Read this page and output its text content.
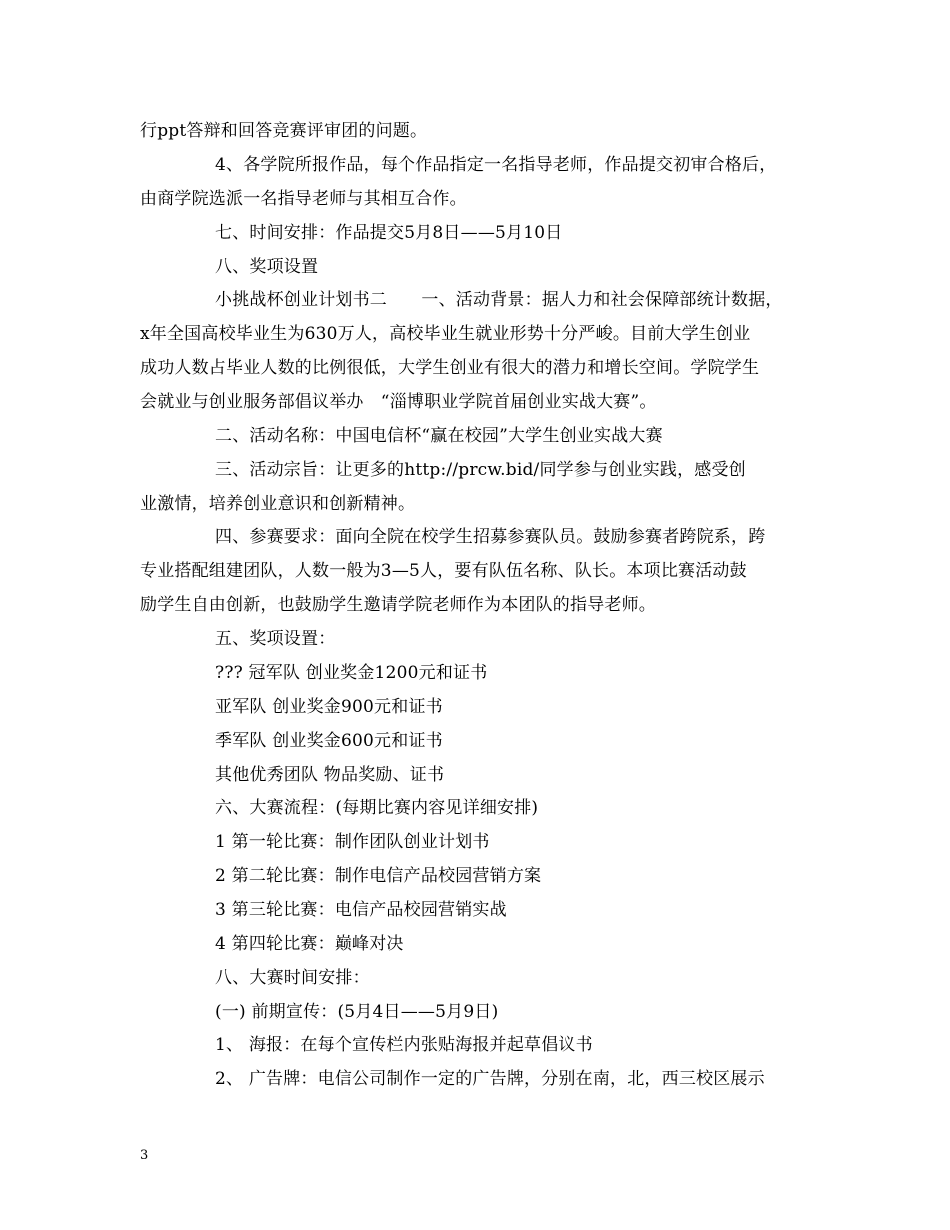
行ppt答辩和回答竞赛评审团的问题。
4、各学院所报作品，每个作品指定一名指导老师，作品提交初审合格后，
由商学院选派一名指导老师与其相互合作。
七、时间安排：作品提交5月8日——5月10日
八、奖项设置
小挑战杯创业计划书二　　一、活动背景：据人力和社会保障部统计数据，
x年全国高校毕业生为630万人，高校毕业生就业形势十分严峻。目前大学生创业
成功人数占毕业人数的比例很低，大学生创业有很大的潜力和增长空间。学院学生
会就业与创业服务部倡议举办　“淄博职业学院首届创业实战大赛”。
二、活动名称：中国电信杯“赢在校园”大学生创业实战大赛
三、活动宗旨：让更多的http://prcw.bid/同学参与创业实践，感受创
业激情，培养创业意识和创新精神。
四、参赛要求：面向全院在校学生招募参赛队员。鼓励参赛者跨院系，跨
专业搭配组建团队，人数一般为3—5人，要有队伍名称、队长。本项比赛活动鼓
励学生自由创新，也鼓励学生邀请学院老师作为本团队的指导老师。
五、奖项设置：
??? 冠军队 创业奖金1200元和证书
亚军队 创业奖金900元和证书
季军队 创业奖金600元和证书
其他优秀团队 物品奖励、证书
六、大赛流程：(每期比赛内容见详细安排)
1 第一轮比赛：制作团队创业计划书
2 第二轮比赛：制作电信产品校园营销方案
3 第三轮比赛：电信产品校园营销实战
4 第四轮比赛：巅峰对决
八、大赛时间安排：
(一) 前期宣传：(5月4日——5月9日)
1、 海报：在每个宣传栏内张贴海报并起草倡议书
2、 广告牌：电信公司制作一定的广告牌，分别在南，北，西三校区展示
3
